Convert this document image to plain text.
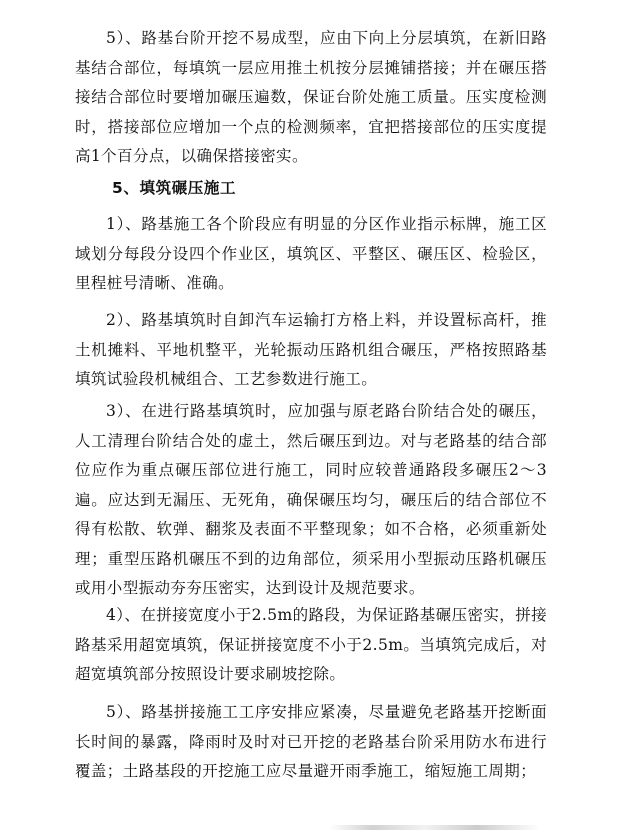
5）、路基台阶开挖不易成型，应由下向上分层填筑，在新旧路基结合部位，每填筑一层应用推土机按分层摊铺搭接；并在碾压搭接结合部位时要增加碾压遍数，保证台阶处施工质量。压实度检测时，搭接部位应增加一个点的检测频率，宜把搭接部位的压实度提高1个百分点，以确保搭接密实。

5、填筑碾压施工

1）、路基施工各个阶段应有明显的分区作业指示标牌，施工区域划分每段分设四个作业区，填筑区、平整区、碾压区、检验区，里程桩号清晰、准确。

2）、路基填筑时自卸汽车运输打方格上料，并设置标高杆，推土机摊料、平地机整平，光轮振动压路机组合碾压，严格按照路基填筑试验段机械组合、工艺参数进行施工。

3）、在进行路基填筑时，应加强与原老路台阶结合处的碾压，人工清理台阶结合处的虚土，然后碾压到边。对与老路基的结合部位应作为重点碾压部位进行施工，同时应较普通路段多碾压2～3遍。应达到无漏压、无死角，确保碾压均匀，碾压后的结合部位不得有松散、软弹、翻浆及表面不平整现象；如不合格，必须重新处理；重型压路机碾压不到的边角部位，须采用小型振动压路机碾压或用小型振动夯夯压密实，达到设计及规范要求。

4）、在拼接宽度小于2.5m的路段，为保证路基碾压密实，拼接路基采用超宽填筑，保证拼接宽度不小于2.5m。当填筑完成后，对超宽填筑部分按照设计要求刷坡挖除。

5）、路基拼接施工工序安排应紧凑，尽量避免老路基开挖断面长时间的暴露，降雨时及时对已开挖的老路基台阶采用防水布进行覆盖；土路基段的开挖施工应尽量避开雨季施工，缩短施工周期；
